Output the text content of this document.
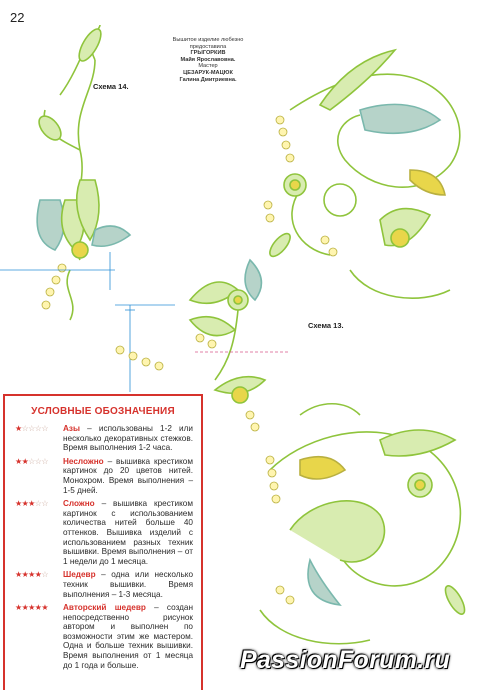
22
Вышитое изделие любезно
предоставила
ГРЫГОРКИВ
Майя Ярославовна.
Мастер
ЦЕЗАРУК-МАЦЮК
Галина Дмитриевна.
Схема 14.
Схема 13.
УСЛОВНЫЕ ОБОЗНАЧЕНИЯ
★☆☆☆☆	Азы – использованы 1-2 или несколько декоративных стежков. Время выполнения 1-2 часа.
★★☆☆☆	Несложно – вышивка крестиком картинок до 20 цветов нитей. Монохром. Время выполнения – 1-5 дней.
★★★☆☆	Сложно – вышивка крестиком картинок с использованием количества нитей больше 40 оттенков. Вышивка изделий с использованием разных техник вышивки. Время выполнения – от 1 недели до 1 месяца.
★★★★☆	Шедевр – одна или несколько техник вышивки. Время выполнения – 1-3 месяца.
★★★★★	Авторский шедевр – создан непосредственно рисунок автором и выполнен по возможности этим же мастером. Одна и больше техник вышивки. Время выполнения от 1 месяца до 1 года и больше.	PassionForum.ru
